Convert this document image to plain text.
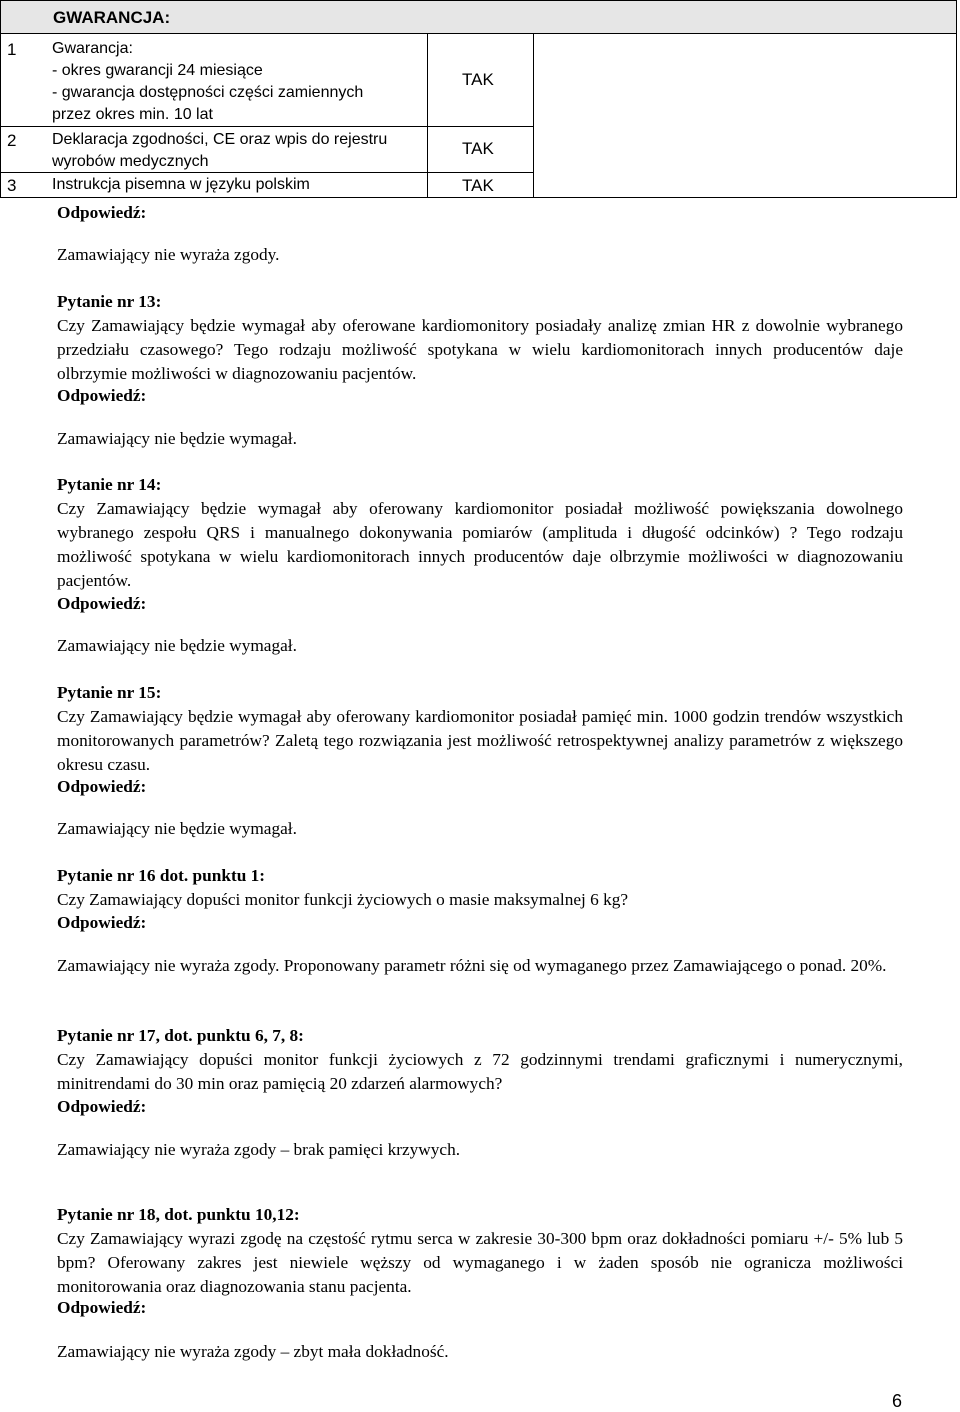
GWARANCJA:
1 Gwarancja:
- okres gwarancji 24 miesiące
- gwarancja dostępności części zamiennych
przez okres min. 10 lat
TAK
2 Deklaracja zgodności, CE oraz wpis do rejestru
wyrobów medycznych
TAK
3 Instrukcja pisemna w języku polskim	TAK
Odpowiedź:
Zamawiający nie wyraża zgody.
Pytanie nr 13:
Czy Zamawiający będzie wymagał aby oferowane kardiomonitory posiadały analizę zmian HR z dowolnie wybranego przedziału czasowego? Tego rodzaju możliwość spotykana w wielu kardiomonitorach innych producentów daje olbrzymie możliwości w diagnozowaniu pacjentów.
Odpowiedź:
Zamawiający nie będzie wymagał.
Pytanie nr 14:
Czy Zamawiający będzie wymagał aby oferowany kardiomonitor posiadał możliwość powiększania dowolnego wybranego zespołu QRS i manualnego dokonywania pomiarów (amplituda i długość odcinków) ? Tego rodzaju możliwość spotykana w wielu kardiomonitorach innych producentów daje olbrzymie możliwości w diagnozowaniu pacjentów.
Odpowiedź:
Zamawiający nie będzie wymagał.
Pytanie nr 15:
Czy Zamawiający będzie wymagał aby oferowany kardiomonitor posiadał pamięć min. 1000 godzin trendów wszystkich monitorowanych parametrów? Zaletą tego rozwiązania jest możliwość retrospektywnej analizy parametrów z większego okresu czasu.
Odpowiedź:
Zamawiający nie będzie wymagał.
Pytanie nr 16 dot. punktu 1:
Czy Zamawiający dopuści monitor funkcji życiowych o masie maksymalnej 6 kg?
Odpowiedź:
Zamawiający nie wyraża zgody. Proponowany parametr różni się od wymaganego przez Zamawiającego o ponad. 20%.
Pytanie nr 17, dot. punktu 6, 7, 8:
Czy Zamawiający dopuści monitor funkcji życiowych z 72 godzinnymi trendami graficznymi i numerycznymi, minitrendami do 30 min oraz pamięcią 20 zdarzeń alarmowych?
Odpowiedź:
Zamawiający nie wyraża zgody – brak pamięci krzywych.
Pytanie nr 18, dot. punktu 10,12:
Czy Zamawiający wyrazi zgodę na częstość rytmu serca w zakresie 30-300 bpm oraz dokładności pomiaru +/- 5% lub 5 bpm? Oferowany zakres jest niewiele węższy od wymaganego i w żaden sposób nie ogranicza możliwości monitorowania oraz diagnozowania stanu pacjenta.
Odpowiedź:
Zamawiający nie wyraża zgody – zbyt mała dokładność.
6
